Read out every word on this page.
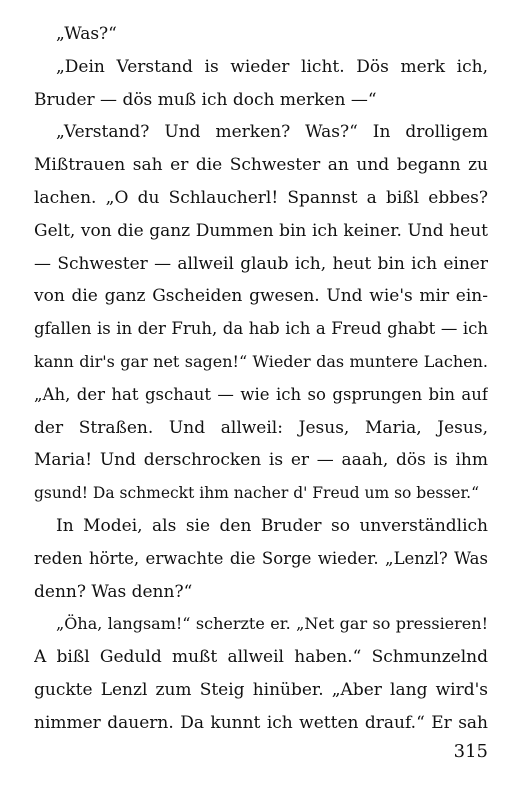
„Was?“
„Dein Verstand is wieder licht. Dös merk ich,
Bruder — dös muß ich doch merken —“
„Verstand? Und merken? Was?“ In drolligem
Mißtrauen sah er die Schwester an und begann zu
lachen. „O du Schlaucherl! Spannst a bißl ebbes?
Gelt, von die ganz Dummen bin ich keiner. Und heut
— Schwester — allweil glaub ich, heut bin ich einer
von die ganz Gscheiden gwesen. Und wie's mir ein-
gfallen is in der Fruh, da hab ich a Freud ghabt — ich
kann dir's gar net sagen!“ Wieder das muntere Lachen.
„Ah, der hat gschaut — wie ich so gsprungen bin auf
der Straßen. Und allweil: Jesus, Maria, Jesus,
Maria! Und derschrocken is er — aaah, dös is ihm
gsund! Da schmeckt ihm nacher d' Freud um so besser.“
In Modei, als sie den Bruder so unverständlich
reden hörte, erwachte die Sorge wieder. „Lenzl? Was
denn? Was denn?“
„Öha, langsam!“ scherzte er. „Net gar so pressieren!
A bißl Geduld mußt allweil haben.“ Schmunzelnd
guckte Lenzl zum Steig hinüber. „Aber lang wird's
nimmer dauern. Da kunnt ich wetten drauf.“ Er sah
315
